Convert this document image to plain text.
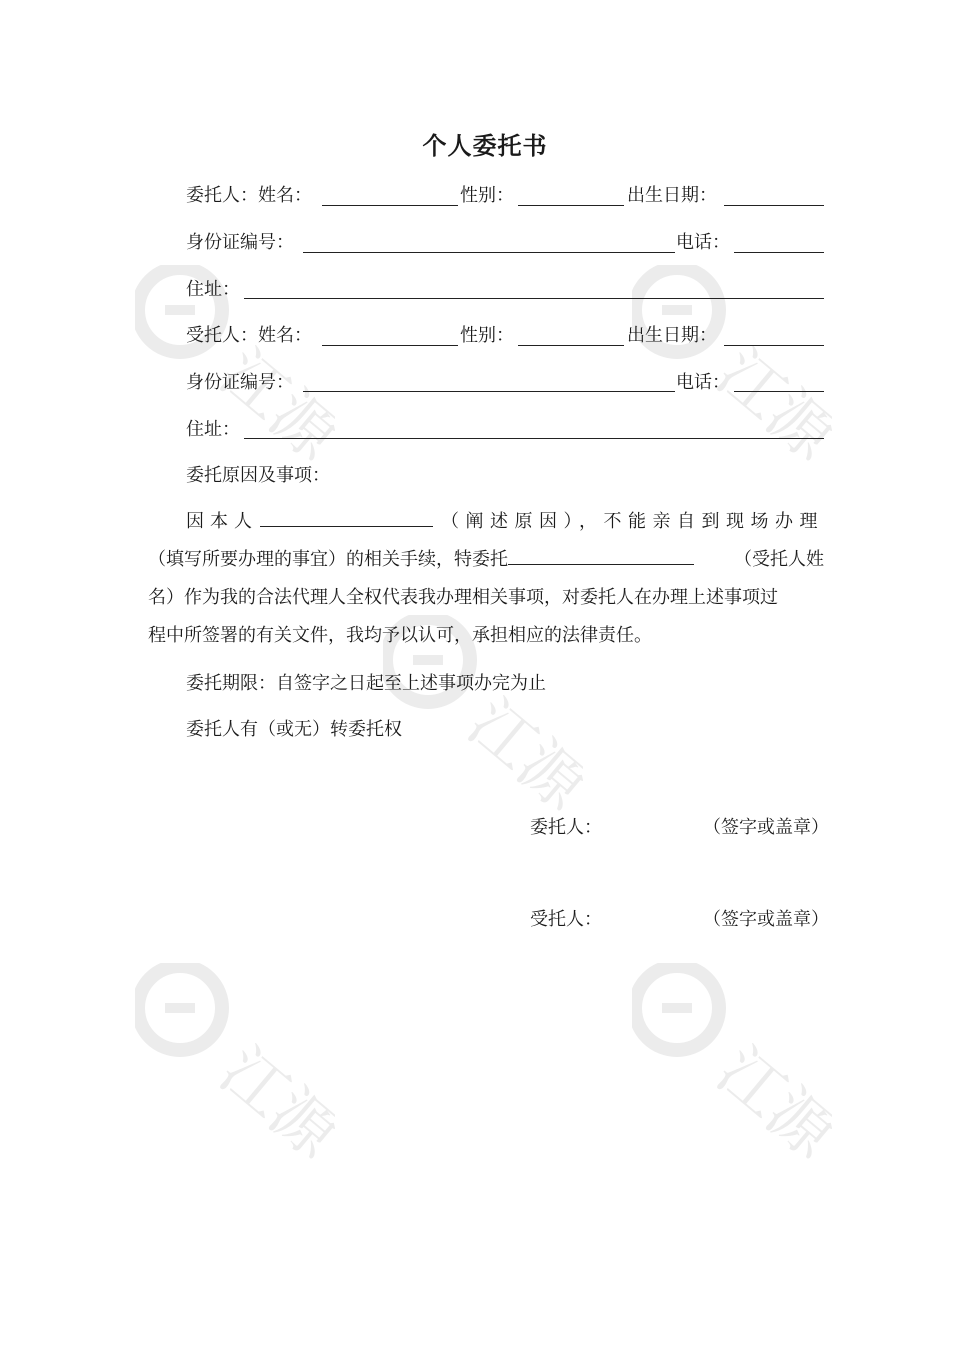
江源	江源
江源
江源	江源
个人委托书
委托人：姓名：	性别：	出生日期：
身份证编号：	电话：
住址：
受托人：姓名：	性别：	出生日期：
身份证编号：	电话：
住址：
委托原因及事项：
因本人	（阐述原因），不能亲自到现场办理
（填写所要办理的事宜）的相关手续，特委托	（受托人姓
名）作为我的合法代理人全权代表我办理相关事项，对委托人在办理上述事项过
程中所签署的有关文件，我均予以认可，承担相应的法律责任。
委托期限：自签字之日起至上述事项办完为止
委托人有（或无）转委托权
委托人：	（签字或盖章）
受托人：	（签字或盖章）
